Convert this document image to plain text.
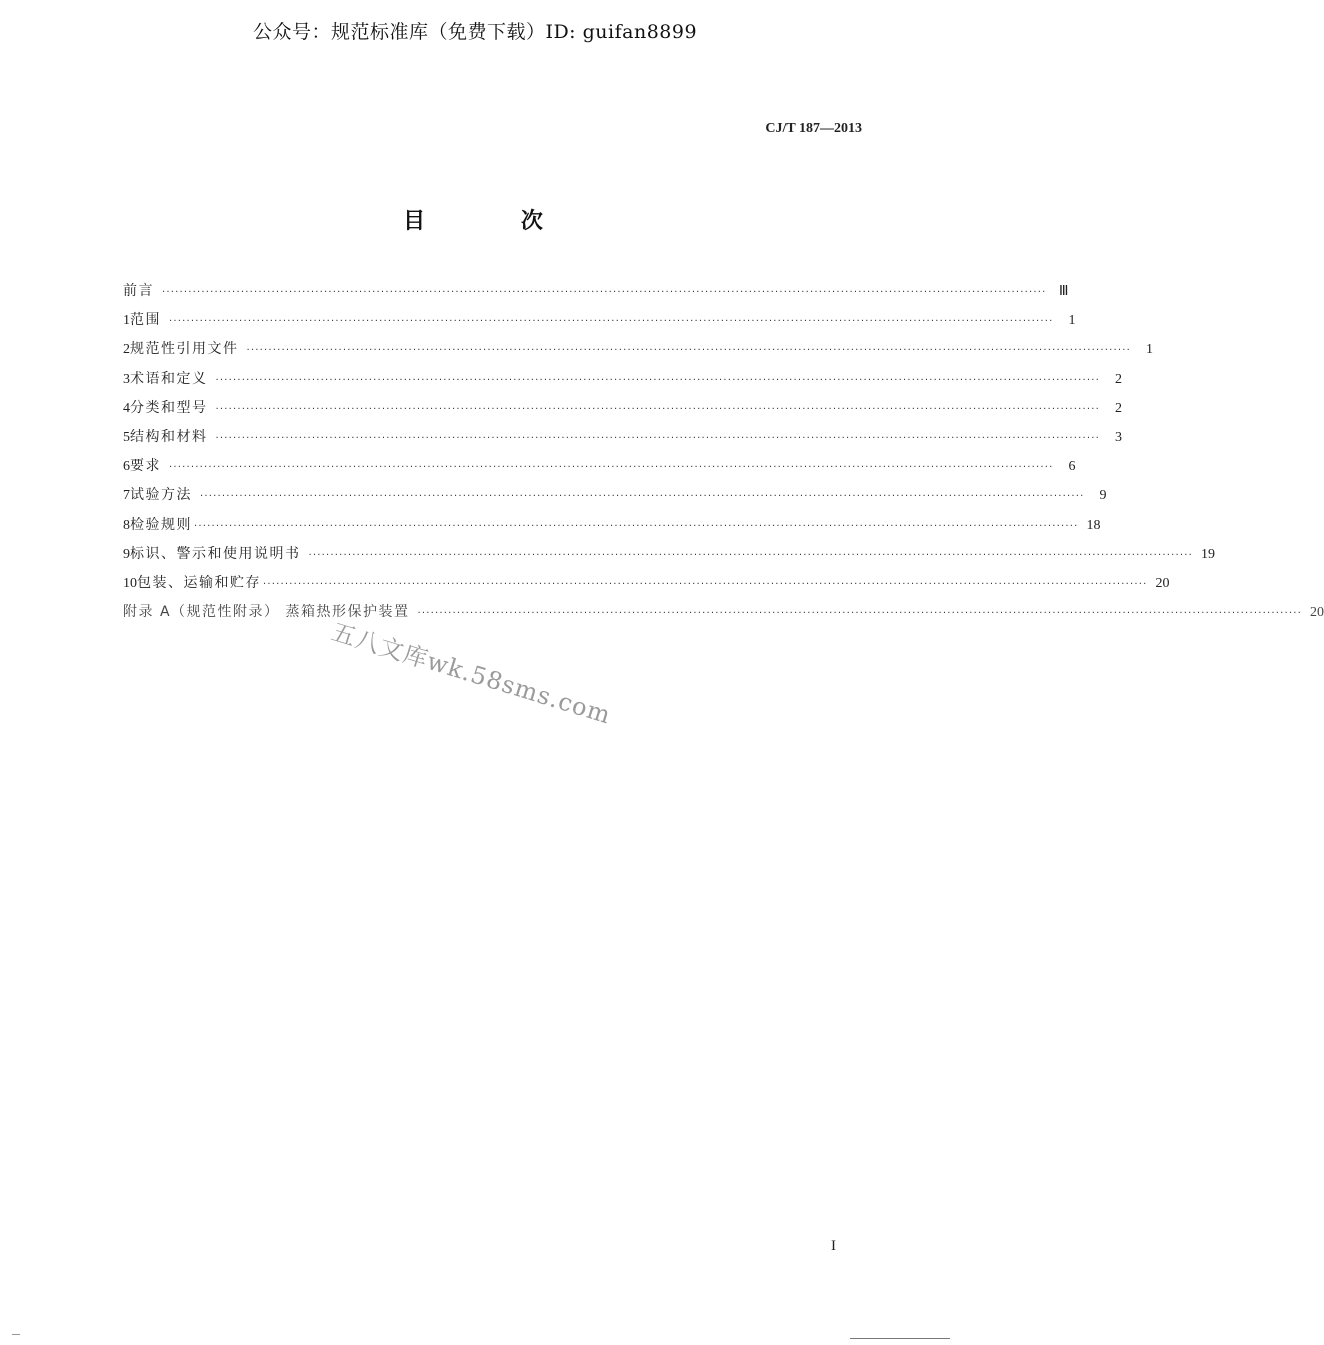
公众号：规范标准库（免费下载）ID: guifan8899
CJ/T 187—2013
目 次
前言 ·····	Ⅲ
1 范围 ·····	1
2 规范性引用文件 ·····	1
3 术语和定义 ·····	2
4 分类和型号 ·····	2
5 结构和材料 ·····	3
6 要求 ·····	6
7 试验方法 ·····	9
8 检验规则 ·····	18
9 标识、警示和使用说明书 ·····	19
10 包装、运输和贮存 ·····	20
附录 A（规范性附录） 蒸箱热形保护装置 ·····	20
五八文库wk.58sms.com
I
